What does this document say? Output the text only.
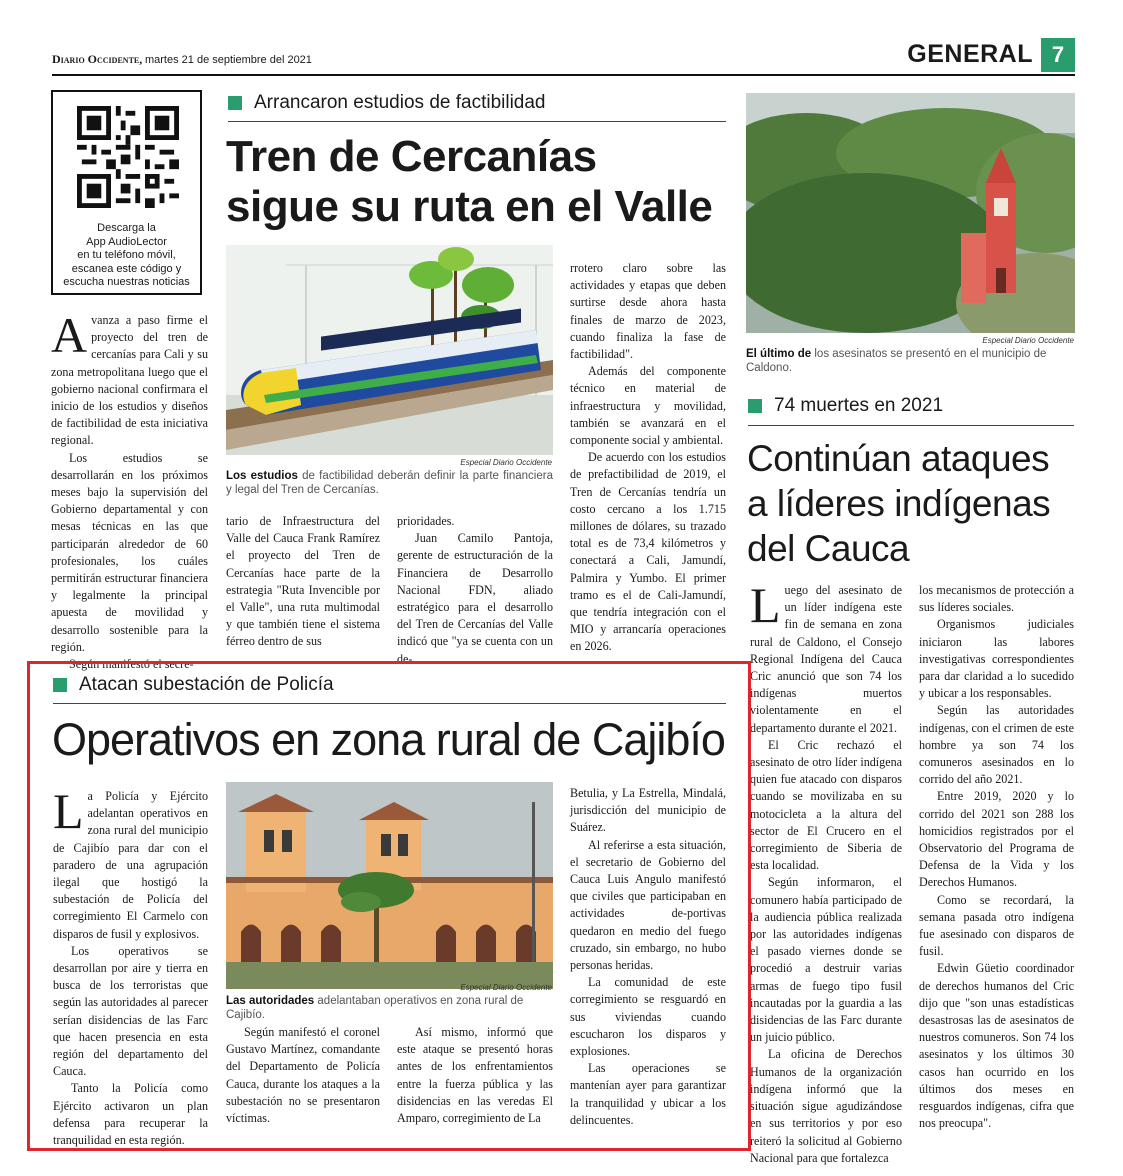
Diario Occidente, martes 21 de septiembre del 2021	GENERAL 7
Descarga la
App AudioLector
en tu teléfono móvil,
escanea este código y
escucha nuestras noticias
Arrancaron estudios de factibilidad
Tren de Cercanías
sigue su ruta en el Valle
Especial Diario Occidente
Los estudios de factibilidad deberán definir la parte financiera y legal del Tren de Cercanías.

Avanza a paso firme el proyecto del tren de cercanías para Cali y su zona metropolitana luego que el gobierno nacional confirmara el inicio de los estudios y diseños de factibilidad de esta iniciativa regional.

Los estudios se desarrollarán en los próximos meses bajo la supervisión del Gobierno departamental y con mesas técnicas en las que participarán alrededor de 60 profesionales, los cuáles permitirán estructurar financiera y legalmente la principal apuesta de movilidad y desarrollo sostenible para la región.

Según manifestó el secre-

tario de Infraestructura del Valle del Cauca Frank Ramírez el proyecto del Tren de Cercanías hace parte de la estrategia "Ruta Invencible por el Valle", una ruta multimodal y que también tiene el sistema férreo dentro de sus

prioridades.

Juan Camilo Pantoja, gerente de estructuración de la Financiera de Desarrollo Nacional FDN, aliado estratégico para el desarrollo del Tren de Cercanías del Valle indicó que "ya se cuenta con un de-

rrotero claro sobre las actividades y etapas que deben surtirse desde ahora hasta finales de marzo de 2023, cuando finaliza la fase de factibilidad".

Además del componente técnico en material de infraestructura y movilidad, también se avanzará en el componente social y ambiental.

De acuerdo con los estudios de prefactibilidad de 2019, el Tren de Cercanías tendría un costo cercano a los 1.715 millones de dólares, su trazado total es de 73,4 kilómetros y conectará a Cali, Jamundí, Palmira y Yumbo. El primer tramo es el de Cali-Jamundí, que tendría integración con el MIO y arrancaría operaciones en 2026.

Especial Diario Occidente
El último de los asesinatos se presentó en el municipio de Caldono.
74 muertes en 2021
Continúan ataques
a líderes indígenas
del Cauca

Luego del asesinato de un líder indígena este fin de semana en zona rural de Caldono, el Consejo Regional Indígena del Cauca Cric anunció que son 74 los indígenas muertos violentamente en el departamento durante el 2021.

El Cric rechazó el asesinato de otro líder indígena quien fue atacado con disparos cuando se movilizaba en su motocicleta a la altura del sector de El Crucero en el corregimiento de Siberia de esta localidad.

Según informaron, el comunero había participado de la audiencia pública realizada por las autoridades indígenas el pasado viernes donde se procedió a destruir varias armas de fuego tipo fusil incautadas por la guardia a las disidencias de las Farc durante un juicio público.

La oficina de Derechos Humanos de la organización indígena informó que la situación sigue agudizándose en sus territorios y por eso reiteró la solicitud al Gobierno Nacional para que fortalezca

los mecanismos de protección a sus líderes sociales.

Organismos judiciales iniciaron las labores investigativas correspondientes para dar claridad a lo sucedido y ubicar a los responsables.

Según las autoridades indígenas, con el crimen de este hombre ya son 74 los comuneros asesinados en lo corrido del año 2021.

Entre 2019, 2020 y lo corrido del 2021 son 288 los homicidios registrados por el Observatorio del Programa de Defensa de la Vida y los Derechos Humanos.

Como se recordará, la semana pasada otro indígena fue asesinado con disparos de fusil.

Edwin Güetio coordinador de derechos humanos del Cric dijo que "son unas estadísticas desastrosas las de asesinatos de nuestros comuneros. Son 74 los asesinatos y los últimos 30 casos han ocurrido en los últimos dos meses en resguardos indígenas, cifra que nos preocupa".

Atacan subestación de Policía
Operativos en zona rural de Cajibío
Especial Diario Occidente
Las autoridades adelantaban operativos en zona rural de Cajibío.

La Policía y Ejército adelantan operativos en zona rural del municipio de Cajibío para dar con el paradero de una agrupación ilegal que hostigó la subestación de Policía del corregimiento El Carmelo con disparos de fusil y explosivos.

Los operativos se desarrollan por aire y tierra en busca de los terroristas que según las autoridades al parecer serían disidencias de las Farc que hacen presencia en esta región del departamento del Cauca.

Tanto la Policía como Ejército activaron un plan defensa para recuperar la tranquilidad en esta región.

Según manifestó el coronel Gustavo Martínez, comandante del Departamento de Policía Cauca, durante los ataques a la subestación no se presentaron víctimas.

Así mismo, informó que este ataque se presentó horas antes de los enfrentamientos entre la fuerza pública y las disidencias en las veredas El Amparo, corregimiento de La

Betulia, y La Estrella, Mindalá, jurisdicción del municipio de Suárez.

Al referirse a esta situación, el secretario de Gobierno del Cauca Luis Angulo manifestó que civiles que participaban en actividades de-portivas quedaron en medio del fuego cruzado, sin embargo, no hubo personas heridas.

La comunidad de este corregimiento se resguardó en sus viviendas cuando escucharon los disparos y explosiones.

Las operaciones se mantenían ayer para garantizar la tranquilidad y ubicar a los delincuentes.
